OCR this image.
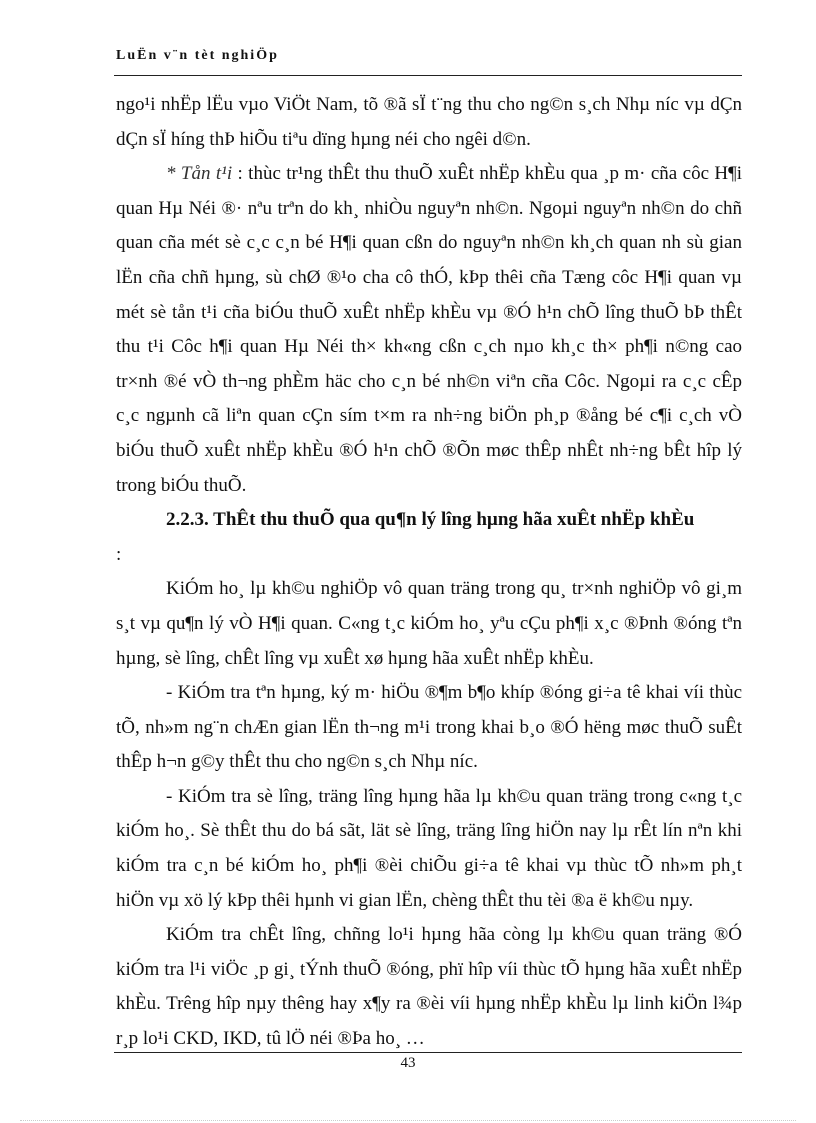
LuËn v¨n tèt nghiÖp

ngo¹i nhËp lËu vµo ViÖt Nam, tõ ®ã sÏ t¨ng thu cho ng©n s¸ch Nhµ níc vµ dÇn dÇn sÏ híng thÞ hiÕu tiªu dïng hµng néi cho ngêi d©n.

* Tån t¹i : thùc tr¹ng thÊt thu thuÕ xuÊt nhËp khÈu qua ¸p m· cña côc H¶i quan Hµ Néi ®· nªu trªn do kh¸ nhiÒu nguyªn nh©n. Ngoµi nguyªn nh©n do chñ quan cña mét sè c¸c c¸n bé H¶i quan cßn do nguyªn nh©n kh¸ch quan nh sù gian lËn cña chñ hµng, sù chØ ®¹o cha cô thÓ, kÞp thêi cña Tæng côc H¶i quan vµ mét sè tån t¹i cña biÓu thuÕ xuÊt nhËp khÈu vµ ®Ó h¹n chÕ lîng thuÕ bÞ thÊt thu t¹i Côc h¶i quan Hµ Néi th× kh«ng cßn c¸ch nµo kh¸c th× ph¶i n©ng cao tr×nh ®é vÒ th¬ng phÈm häc cho c¸n bé nh©n viªn cña Côc. Ngoµi ra c¸c cÊp c¸c ngµnh cã liªn quan cÇn sím t×m ra nh÷ng biÖn ph¸p ®ång bé c¶i c¸ch vÒ biÓu thuÕ xuÊt nhËp khÈu ®Ó h¹n chÕ ®Õn møc thÊp nhÊt nh÷ng bÊt hîp lý trong biÓu thuÕ.

2.2.3. ThÊt thu thuÕ qua qu¶n lý lîng hµng hãa xuÊt nhËp khÈu

:

KiÓm ho¸ lµ kh©u nghiÖp vô quan träng trong qu¸ tr×nh nghiÖp vô gi¸m s¸t vµ qu¶n lý vÒ H¶i quan. C«ng t¸c kiÓm ho¸ yªu cÇu ph¶i x¸c ®Þnh ®óng tªn hµng, sè lîng, chÊt lîng vµ xuÊt xø hµng hãa xuÊt nhËp khÈu.

- KiÓm tra tªn hµng, ký m· hiÖu ®¶m b¶o khíp ®óng gi÷a tê khai víi thùc tÕ, nh»m ng¨n chÆn gian lËn th¬ng m¹i trong khai b¸o ®Ó hëng møc thuÕ suÊt thÊp h¬n g©y thÊt thu cho ng©n s¸ch Nhµ níc.

- KiÓm tra sè lîng, träng lîng hµng hãa lµ kh©u quan träng trong c«ng t¸c kiÓm ho¸. Sè thÊt thu do bá sãt, lät sè lîng, träng lîng hiÖn nay lµ rÊt lín nªn khi kiÓm tra c¸n bé kiÓm ho¸ ph¶i ®èi chiÕu gi÷a tê khai vµ thùc tÕ nh»m ph¸t hiÖn vµ xö lý kÞp thêi hµnh vi gian lËn, chèng thÊt thu tèi ®a ë kh©u nµy.

KiÓm tra chÊt lîng, chñng lo¹i hµng hãa còng lµ kh©u quan träng ®Ó kiÓm tra l¹i viÖc ¸p gi¸ tÝnh thuÕ ®óng, phï hîp víi thùc tÕ hµng hãa xuÊt nhËp khÈu. Trêng hîp nµy thêng hay x¶y ra ®èi víi hµng nhËp khÈu lµ linh kiÖn l¾p r¸p lo¹i CKD, IKD, tû lÖ néi ®Þa ho¸ …

43
